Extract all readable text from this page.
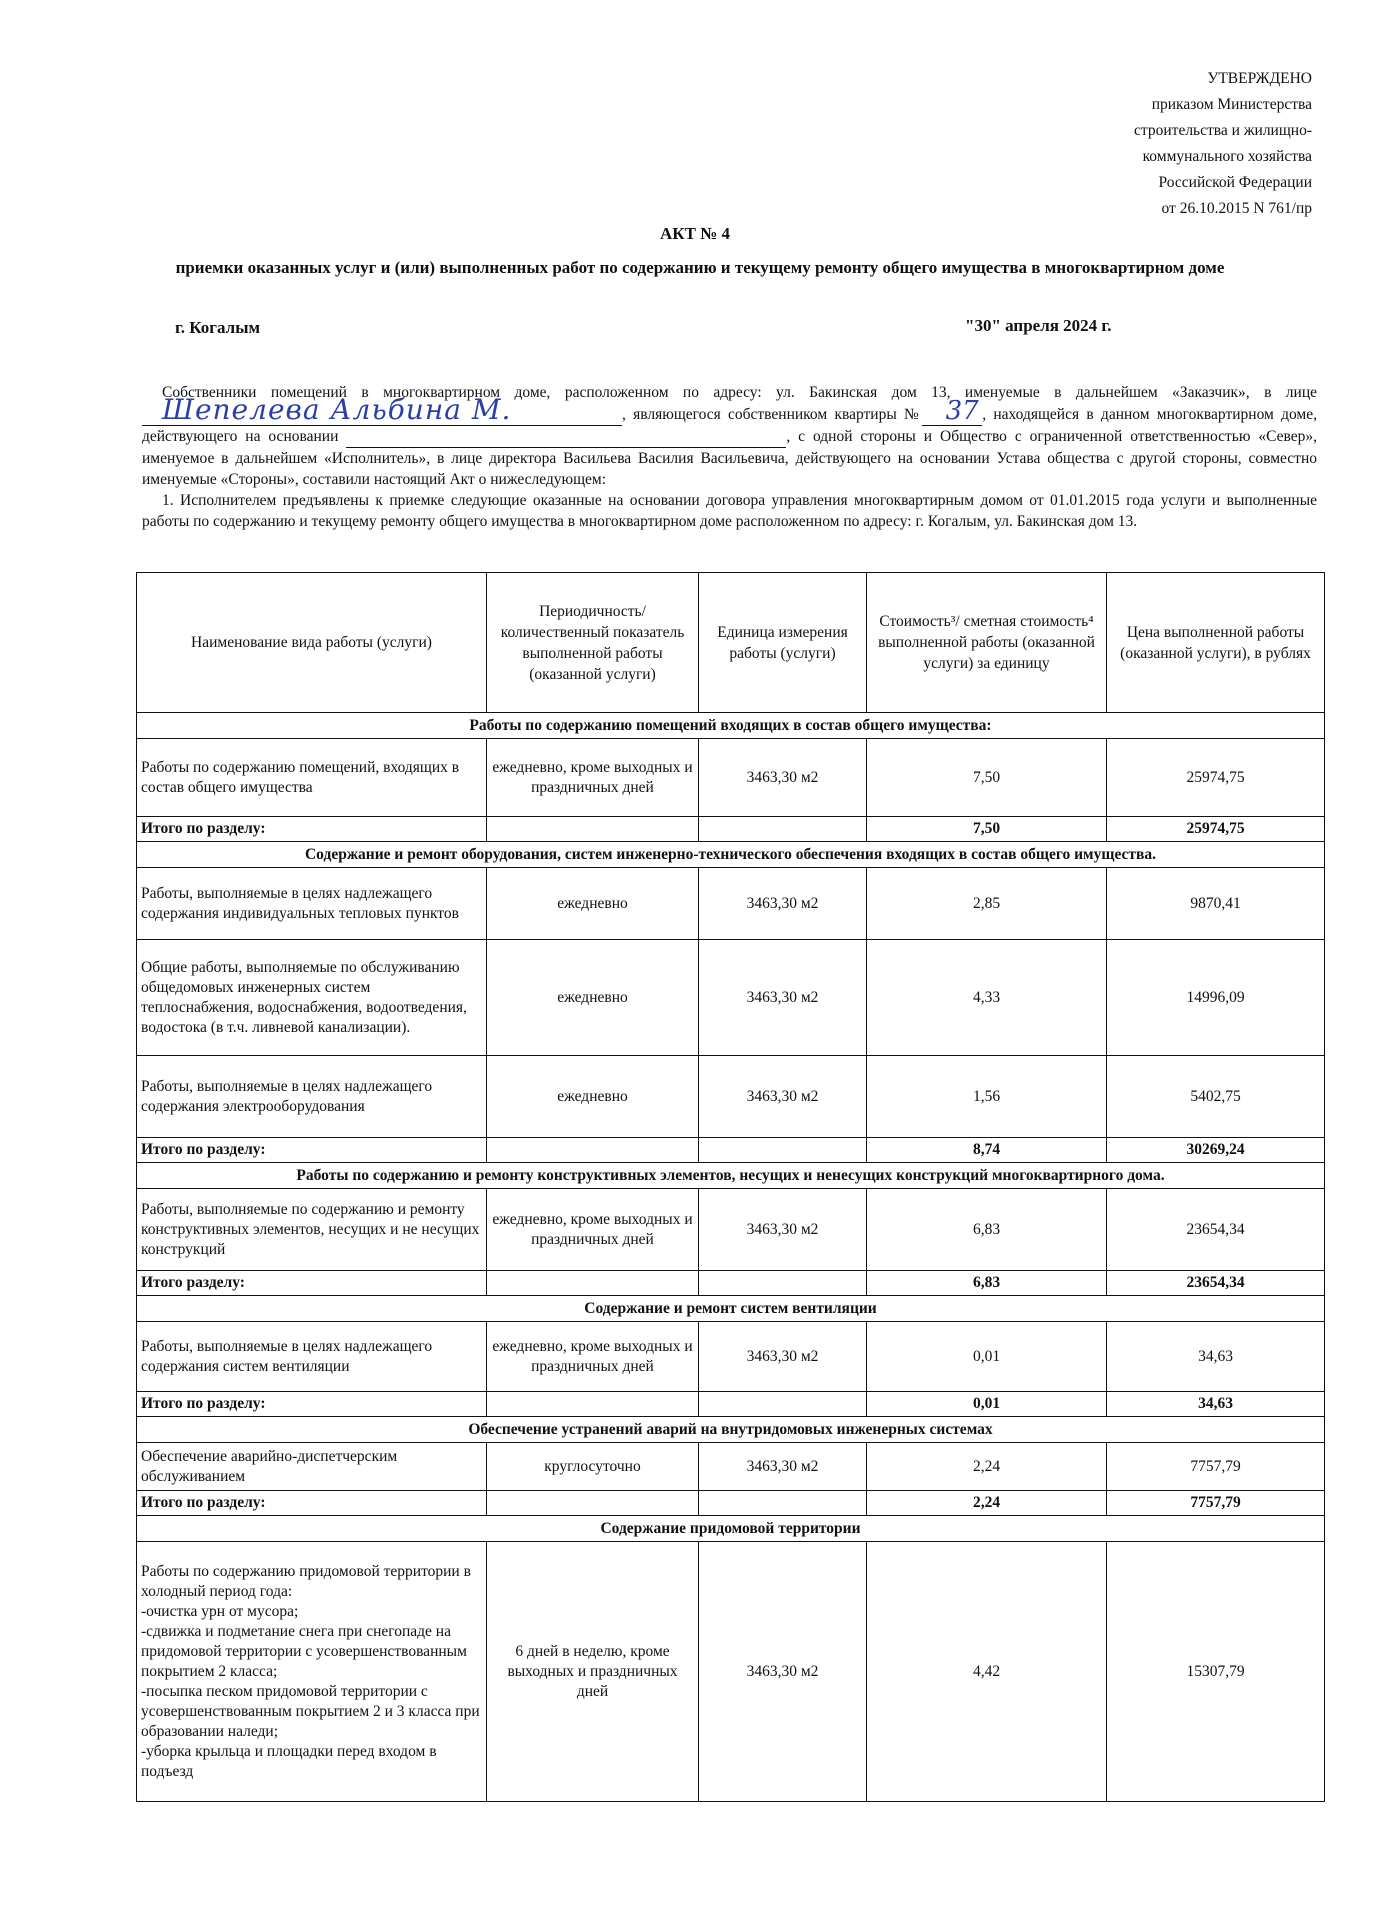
УТВЕРЖДЕНО
приказом Министерства
строительства и жилищно-
коммунального хозяйства
Российской Федерации
от 26.10.2015 N 761/пр
АКТ № 4
приемки оказанных услуг и (или) выполненных работ по содержанию и текущему ремонту общего имущества в многоквартирном доме
г. Когалым	"30" апреля 2024 г.

Собственники помещений в многоквартирном доме, расположенном по адресу: ул. Бакинская дом 13, именуемые в дальнейшем «Заказчик», в лице Шепелева Альбина М.	, являющегося собственником квартиры № 37 , находящейся в данном многоквартирном доме, действующего на основании	, с одной стороны и Общество с ограниченной ответственностью «Север», именуемое в дальнейшем «Исполнитель», в лице директора Васильева Василия Васильевича, действующего на основании Устава общества с другой стороны, совместно именуемые «Стороны», составили настоящий Акт о нижеследующем:

1. Исполнителем предъявлены к приемке следующие оказанные на основании договора управления многоквартирным домом от 01.01.2015 года услуги и выполненные работы по содержанию и текущему ремонту общего имущества в многоквартирном доме расположенном по адресу: г. Когалым, ул. Бакинская дом 13.

Наименование вида работы (услуги)	Периодичность/ количественный показатель выполненной работы (оказанной услуги)	Единица измерения работы (услуги)	Стоимость³/ сметная стоимость⁴ выполненной работы (оказанной услуги) за единицу	Цена выполненной работы (оказанной услуги), в рублях
Работы по содержанию помещений входящих в состав общего имущества:				
Работы по содержанию помещений, входящих в состав общего имущества	ежедневно, кроме выходных и праздничных дней	3463,30 м2	7,50	25974,75
Итого по разделу:			7,50	25974,75
Содержание и ремонт оборудования, систем инженерно-технического обеспечения входящих в состав общего имущества.				
Работы, выполняемые в целях надлежащего содержания индивидуальных тепловых пунктов	ежедневно	3463,30 м2	2,85	9870,41
Общие работы, выполняемые по обслуживанию общедомовых инженерных систем теплоснабжения, водоснабжения, водоотведения, водостока (в т.ч. ливневой канализации).	ежедневно	3463,30 м2	4,33	14996,09
Работы, выполняемые в целях надлежащего содержания электрооборудования	ежедневно	3463,30 м2	1,56	5402,75
Итого по разделу:			8,74	30269,24
Работы по содержанию и ремонту конструктивных элементов, несущих и ненесущих конструкций многоквартирного дома.				
Работы, выполняемые по содержанию и ремонту конструктивных элементов, несущих и не несущих конструкций	ежедневно, кроме выходных и праздничных дней	3463,30 м2	6,83	23654,34
Итого разделу:			6,83	23654,34
Содержание и ремонт систем вентиляции				
Работы, выполняемые в целях надлежащего содержания систем вентиляции	ежедневно, кроме выходных и праздничных дней	3463,30 м2	0,01	34,63
Итого по разделу:			0,01	34,63
Обеспечение устранений аварий на внутридомовых инженерных системах				
Обеспечение аварийно-диспетчерским обслуживанием	круглосуточно	3463,30 м2	2,24	7757,79
Итого по разделу:			2,24	7757,79
Содержание придомовой территории				
Работы по содержанию придомовой территории в холодный период года:
-очистка урн от мусора;
-сдвижка и подметание снега при снегопаде на придомовой территории с усовершенствованным покрытием 2 класса;
-посыпка песком придомовой территории с усовершенствованным покрытием 2 и 3 класса при образовании наледи;
-уборка крыльца и площадки перед входом в подъезд	6 дней в неделю, кроме выходных и праздничных дней	3463,30 м2	4,42	15307,79
